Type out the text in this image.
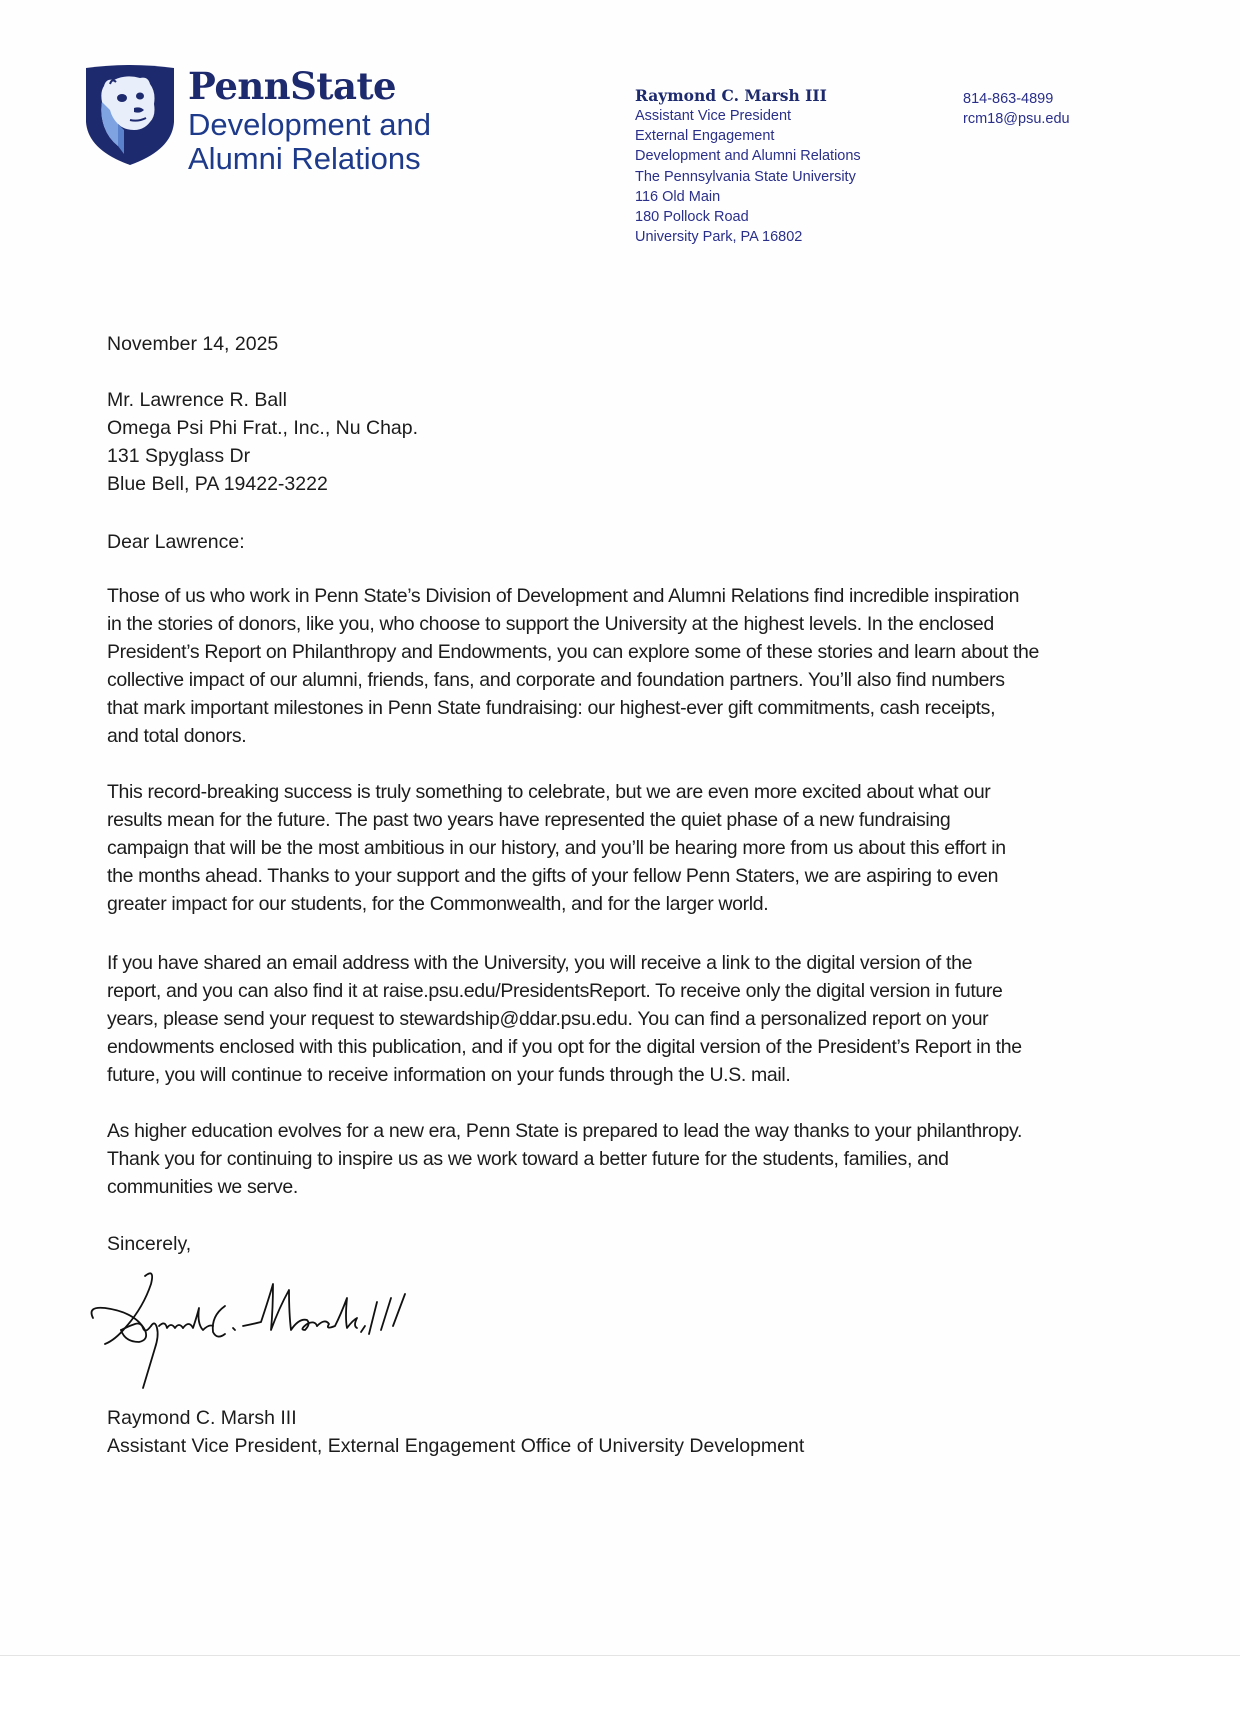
PennState
Development and
Alumni Relations
Raymond C. Marsh III
Assistant Vice President
External Engagement
Development and Alumni Relations
The Pennsylvania State University
116 Old Main
180 Pollock Road
University Park, PA 16802
814-863-4899
rcm18@psu.edu
November 14, 2025
Mr. Lawrence R. Ball
Omega Psi Phi Frat., Inc., Nu Chap.
131 Spyglass Dr
Blue Bell, PA 19422-3222
Dear Lawrence:
Those of us who work in Penn State’s Division of Development and Alumni Relations find incredible inspiration
in the stories of donors, like you, who choose to support the University at the highest levels. In the enclosed
President’s Report on Philanthropy and Endowments, you can explore some of these stories and learn about the
collective impact of our alumni, friends, fans, and corporate and foundation partners. You’ll also find numbers
that mark important milestones in Penn State fundraising: our highest-ever gift commitments, cash receipts,
and total donors.
This record-breaking success is truly something to celebrate, but we are even more excited about what our
results mean for the future. The past two years have represented the quiet phase of a new fundraising
campaign that will be the most ambitious in our history, and you’ll be hearing more from us about this effort in
the months ahead. Thanks to your support and the gifts of your fellow Penn Staters, we are aspiring to even
greater impact for our students, for the Commonwealth, and for the larger world.
If you have shared an email address with the University, you will receive a link to the digital version of the
report, and you can also find it at raise.psu.edu/PresidentsReport. To receive only the digital version in future
years, please send your request to stewardship@ddar.psu.edu. You can find a personalized report on your
endowments enclosed with this publication, and if you opt for the digital version of the President’s Report in the
future, you will continue to receive information on your funds through the U.S. mail.
As higher education evolves for a new era, Penn State is prepared to lead the way thanks to your philanthropy.
Thank you for continuing to inspire us as we work toward a better future for the students, families, and
communities we serve.
Sincerely,
Raymond C. Marsh III
Assistant Vice President, External Engagement Office of University Development
